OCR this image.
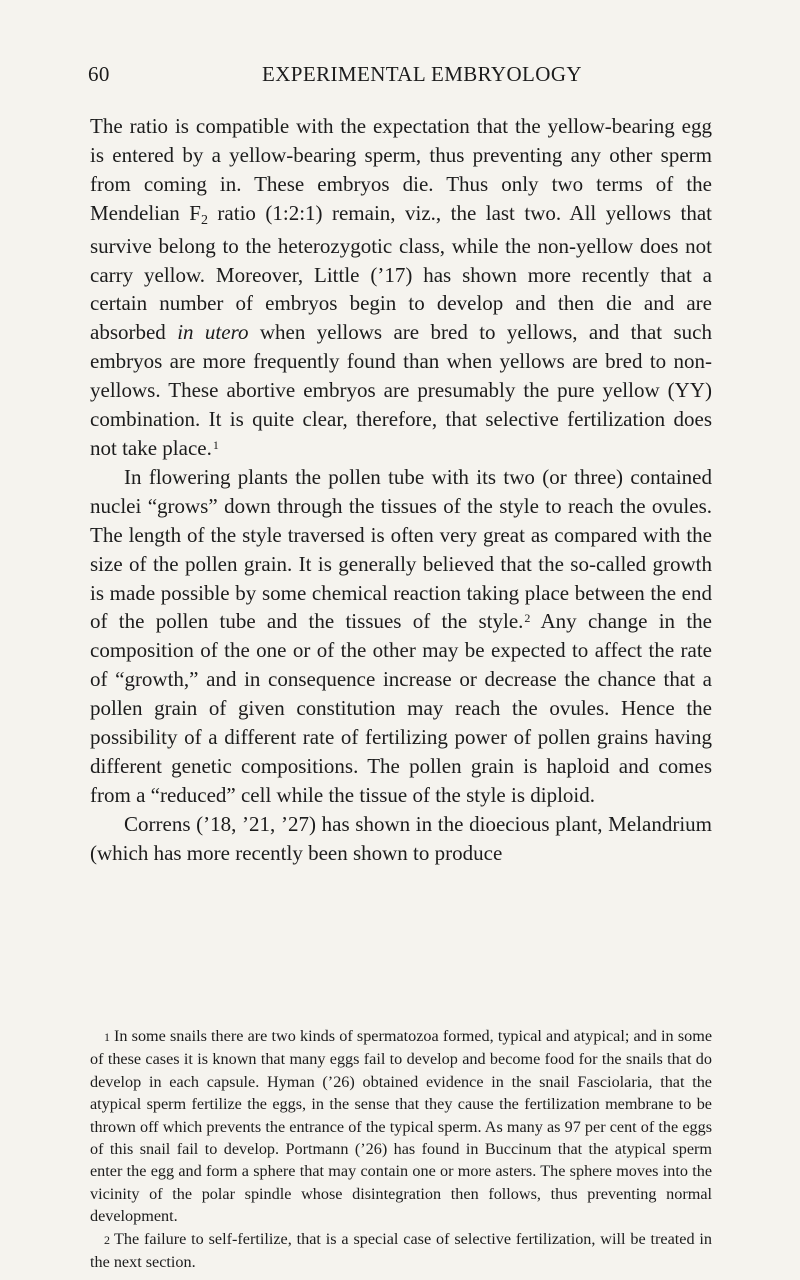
60	EXPERIMENTAL EMBRYOLOGY

The ratio is compatible with the expectation that the yellow-bearing egg is entered by a yellow-bearing sperm, thus preventing any other sperm from coming in. These embryos die. Thus only two terms of the Mendelian F2 ratio (1:2:1) remain, viz., the last two. All yellows that survive belong to the heterozygotic class, while the non-yellow does not carry yellow. Moreover, Little (’17) has shown more recently that a certain number of embryos begin to develop and then die and are absorbed in utero when yellows are bred to yellows, and that such embryos are more frequently found than when yellows are bred to non-yellows. These abortive embryos are presumably the pure yellow (YY) combination. It is quite clear, therefore, that selective fertilization does not take place.$^1$

In flowering plants the pollen tube with its two (or three) contained nuclei “grows” down through the tissues of the style to reach the ovules. The length of the style traversed is often very great as compared with the size of the pollen grain. It is generally believed that the so-called growth is made possible by some chemical reaction taking place between the end of the pollen tube and the tissues of the style.$^2$ Any change in the composition of the one or of the other may be expected to affect the rate of “growth,” and in consequence increase or decrease the chance that a pollen grain of given constitution may reach the ovules. Hence the possibility of a different rate of fertilizing power of pollen grains having different genetic compositions. The pollen grain is haploid and comes from a “reduced” cell while the tissue of the style is diploid.

Correns (’18, ’21, ’27) has shown in the dioecious plant, Melandrium (which has more recently been shown to produce

1 In some snails there are two kinds of spermatozoa formed, typical and atypical; and in some of these cases it is known that many eggs fail to develop and become food for the snails that do develop in each capsule. Hyman (’26) obtained evidence in the snail Fasciolaria, that the atypical sperm fertilize the eggs, in the sense that they cause the fertilization membrane to be thrown off which prevents the entrance of the typical sperm. As many as 97 per cent of the eggs of this snail fail to develop. Portmann (’26) has found in Buccinum that the atypical sperm enter the egg and form a sphere that may contain one or more asters. The sphere moves into the vicinity of the polar spindle whose disintegration then follows, thus preventing normal development.

2 The failure to self-fertilize, that is a special case of selective fertilization, will be treated in the next section.
